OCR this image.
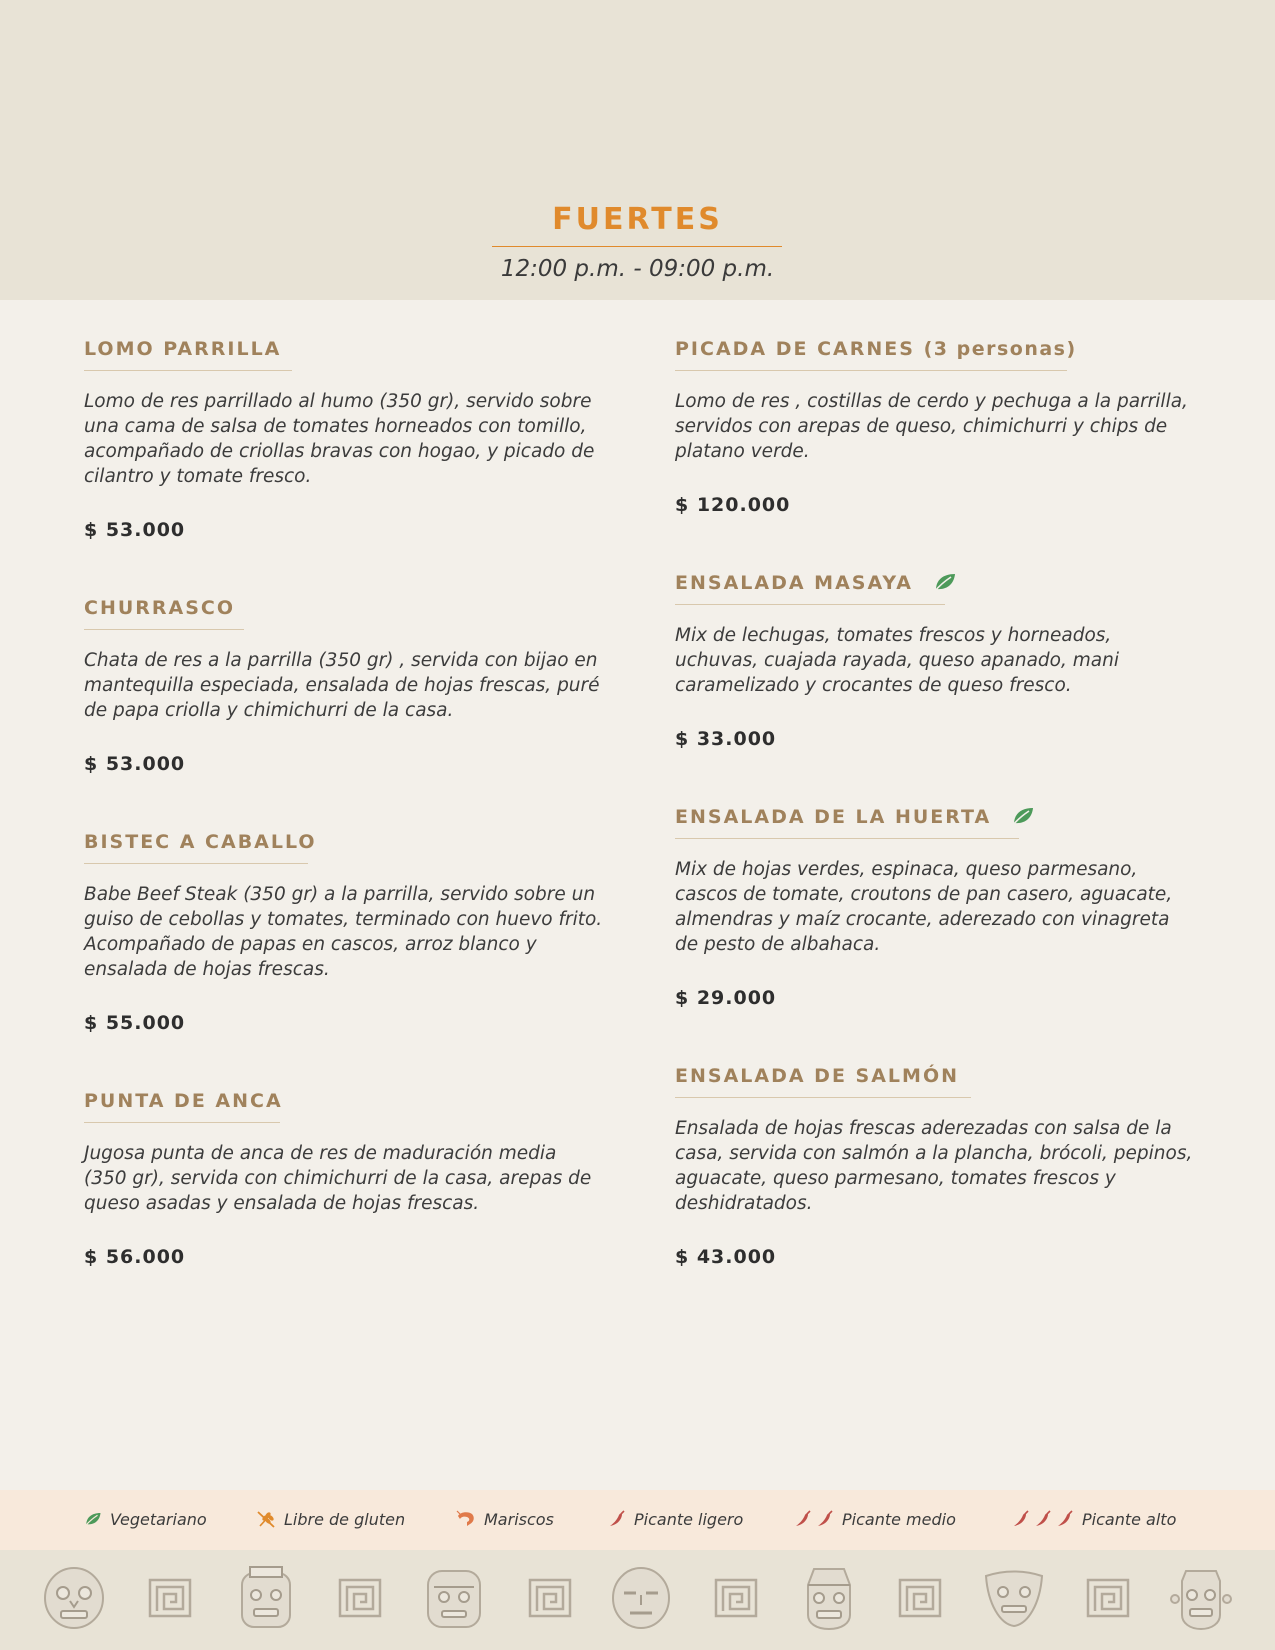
FUERTES
12:00 p.m. - 09:00 p.m.
LOMO PARRILLA

Lomo de res parrillado al humo (350 gr), servido sobre una cama de salsa de tomates horneados con tomillo, acompañado de criollas bravas con hogao, y picado de cilantro y tomate fresco.

$ 53.000

CHURRASCO

Chata de res a la parrilla (350 gr) , servida con bijao en mantequilla especiada, ensalada de hojas frescas, puré de papa criolla y chimichurri de la casa.

$ 53.000

BISTEC A CABALLO

Babe Beef Steak (350 gr) a la parrilla, servido sobre un guiso de cebollas y tomates, terminado con huevo frito. Acompañado de papas en cascos, arroz blanco y ensalada de hojas frescas.

$ 55.000

PUNTA DE ANCA

Jugosa punta de anca de res de maduración media (350 gr), servida con chimichurri de la casa, arepas de queso asadas y ensalada de hojas frescas.

$ 56.000

PICADA DE CARNES (3 personas)

Lomo de res , costillas de cerdo y pechuga a la parrilla, servidos con arepas de queso, chimichurri y chips de platano verde.

$ 120.000

ENSALADA MASAYA

Mix de lechugas, tomates frescos y horneados, uchuvas, cuajada rayada, queso apanado, mani caramelizado y crocantes de queso fresco.

$ 33.000

ENSALADA DE LA HUERTA

Mix de hojas verdes, espinaca, queso parmesano, cascos de tomate, croutons de pan casero, aguacate, almendras y maíz crocante, aderezado con vinagreta de pesto de albahaca.

$ 29.000

ENSALADA DE SALMÓN

Ensalada de hojas frescas aderezadas con salsa de la casa, servida con salmón a la plancha, brócoli, pepinos, aguacate, queso parmesano, tomates frescos y deshidratados.

$ 43.000

Vegetariano	Libre de gluten	Mariscos	Picante ligero	Picante medio	Picante alto
